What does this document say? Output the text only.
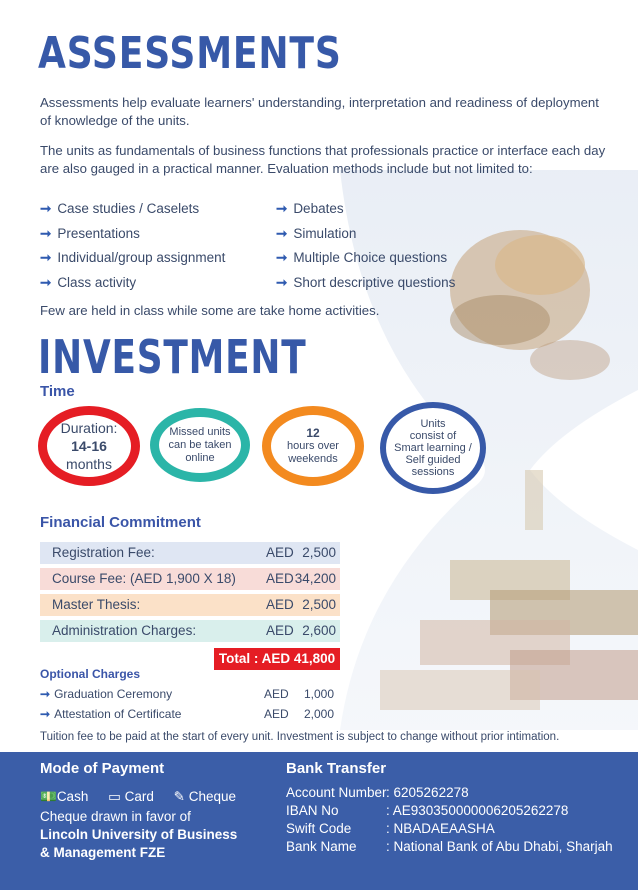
ASSESSMENTS
Assessments help evaluate learners' understanding, interpretation and readiness of deployment of knowledge of the units.
The units as fundamentals of business functions that professionals practice or interface each day are also gauged in a practical manner. Evaluation methods include but not limited to:
➞ Case studies / Caselets
➞ Presentations
➞ Individual/group assignment
➞ Class activity
➞ Debates
➞ Simulation
➞ Multiple Choice questions
➞ Short descriptive questions
Few are held in class while some are take home activities.
INVESTMENT
Time
Duration:
14-16
months
Missed units
can be taken
online
12
hours over
weekends
Units
consist of
Smart learning /
Self guided
sessions
Financial Commitment
Registration Fee:	AED 2,500
Course Fee: (AED 1,900 X 18) AED 34,200
Master Thesis:	AED 2,500
Administration Charges:	AED 2,600
Total : AED 41,800
Optional Charges
➞ Graduation Ceremony	AED 1,000
➞ Attestation of Certificate	AED 2,000
Tuition fee to be paid at the start of every unit. Investment is subject to change without prior intimation.
Mode of Payment
💵Cash ▭ Card ✎ Cheque
Cheque drawn in favor of
Lincoln University of Business
& Management FZE
Bank Transfer
Account Number : 6205262278
IBAN No	: AE930350000006205262278
Swift Code	: NBADAEAASHA
Bank Name : National Bank of Abu Dhabi, Sharjah
